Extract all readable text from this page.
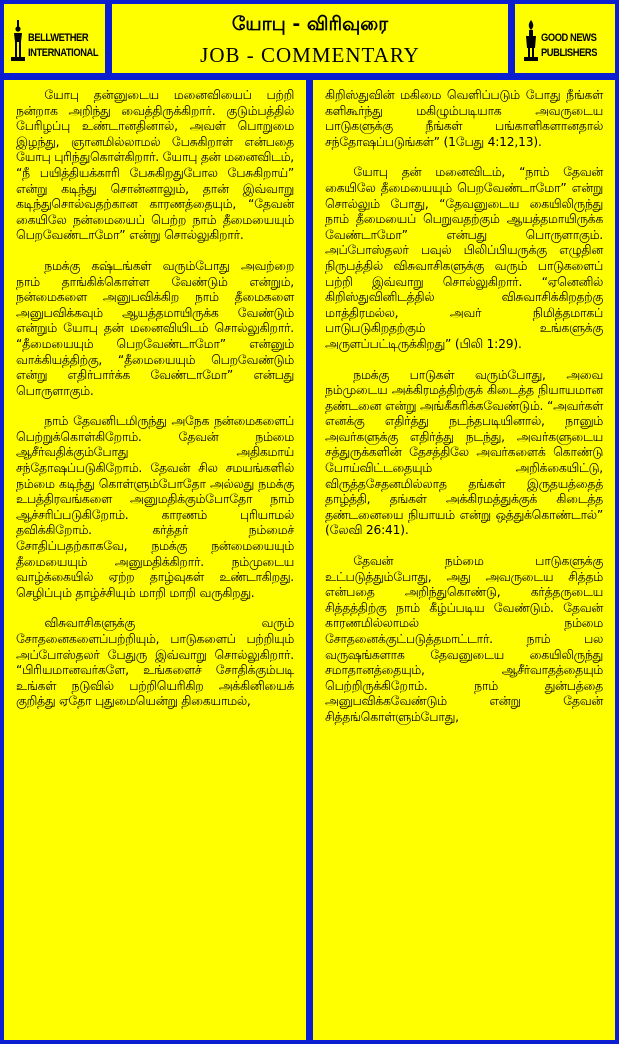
BELLWETHER
INTERNATIONAL
யோபு - விரிவுரை
JOB - COMMENTARY
GOOD NEWS
PUBLISHERS

யோபு தன்னுடைய மனைவியைப் பற்றி நன்றாக அறிந்து வைத்திருக்கிறார். குடும்பத்தில் பேரிழப்பு உண்டானதினால், அவள் பொறுமை இழந்து, ஞானமில்லாமல் பேசுகிறாள் என்பதை யோபு புரிந்துகொள்கிறார். யோபு தன் மனைவிடம், “நீ பயித்தியக்காரி பேசுகிறதுபோல பேசுகிறாய்” என்று கடிந்து சொன்னாலும், தான் இவ்வாறு கடிந்துசொல்வதற்கான காரணத்தையும், “தேவன் கையிலே நன்மையைப் பெற்ற நாம் தீமையையும் பெறவேண்டாமோ” என்று சொல்லுகிறார்.

நமக்கு கஷ்டங்கள் வரும்போது அவற்றை நாம் தாங்கிக்கொள்ள வேண்டும் என்றும், நன்மைகளை அனுபவிக்கிற நாம் தீமைகளை அனுபவிக்கவும் ஆயத்தமாயிருக்க வேண்டும் என்றும் யோபு தன் மனைவியிடம் சொல்லுகிறார். “தீமையையும் பெறவேண்டாமோ” என்னும் வாக்கியத்திற்கு, “தீமையையும் பெறவேண்டும் என்று எதிர்பார்க்க வேண்டாமோ” என்பது பொருளாகும்.

நாம் தேவனிடமிருந்து அநேக நன்மைகளைப் பெற்றுக்கொள்கிறோம். தேவன் நம்மை ஆசீர்வதிக்கும்போது அதிகமாய் சந்தோஷப்படுகிறோம். தேவன் சில சமயங்களில் நம்மை கடிந்து கொள்ளும்போதோ அல்லது நமக்கு உபத்திரவங்களை அனுமதிக்கும்போதோ நாம் ஆச்சரிப்படுகிறோம். காரணம் புரியாமல் தவிக்கிறோம். கர்த்தர் நம்மைச் சோதிப்பதற்காகவே, நமக்கு நன்மையையும் தீமையையும் அனுமதிக்கிறார். நம்முடைய வாழ்க்கையில் ஏற்ற தாழ்வுகள் உண்டாகிறது. செழிப்பும் தாழ்ச்சியும் மாறி மாறி வருகிறது.

விசுவாசிகளுக்கு வரும் சோதனைகளைப்பற்றியும், பாடுகளைப் பற்றியும் அப்போஸ்தலர் பேதுரு இவ்வாறு சொல்லுகிறார். “பிரியமானவர்களே, உங்களைச் சோதிக்கும்படி உங்கள் நடுவில் பற்றியெரிகிற அக்கினியைக் குறித்து ஏதோ புதுமையென்று திகையாமல்,

கிறிஸ்துவின் மகிமை வெளிப்படும் போது நீங்கள் களிகூர்ந்து மகிழும்படியாக அவருடைய பாடுகளுக்கு நீங்கள் பங்காளிகளானதால் சந்தோஷப்படுங்கள்” (1பேது 4:12,13).

யோபு தன் மனைவிடம், “நாம் தேவன் கையிலே தீமையையும் பெறவேண்டாமோ” என்று சொல்லும் போது, “தேவனுடைய கையிலிருந்து நாம் தீமையைப் பெறுவதற்கும் ஆயத்தமாயிருக்க வேண்டாமோ” என்பது பொருளாகும். அப்போஸ்தலர் பவுல் பிலிப்பியருக்கு எழுதின நிருபத்தில் விசுவாசிகளுக்கு வரும் பாடுகளைப் பற்றி இவ்வாறு சொல்லுகிறார். “ஏனெனில் கிறிஸ்துவினிடத்தில் விசுவாசிக்கிறதற்கு மாத்திரமல்ல, அவர் நிமித்தமாகப் பாடுபடுகிறதற்கும் உங்களுக்கு அருளப்பட்டிருக்கிறது” (பிலி 1:29).

நமக்கு பாடுகள் வரும்போது, அவை நம்முடைய அக்கிரமத்திற்குக் கிடைத்த நியாயமான தண்டனை என்று அங்கீகரிக்கவேண்டும். “அவர்கள் எனக்கு எதிர்த்து நடந்தபடியினால், நானும் அவர்களுக்கு எதிர்த்து நடந்து, அவர்களுடைய சத்துருக்களின் தேசத்திலே அவர்களைக் கொண்டு போய்விட்டதையும் அறிக்கையிட்டு, விருத்தசேதனமில்லாத தங்கள் இருதயத்தைத் தாழ்த்தி, தங்கள் அக்கிரமத்துக்குக் கிடைத்த தண்டனையை நியாயம் என்று ஒத்துக்கொண்டால்” (லேவி 26:41).

தேவன் நம்மை பாடுகளுக்கு உட்படுத்தும்போது, அது அவருடைய சித்தம் என்பதை அறிந்துகொண்டு, கர்த்தருடைய சித்தத்திற்கு நாம் கீழ்ப்படிய வேண்டும். தேவன் காரணமில்லாமல் நம்மை சோதனைக்குட்படுத்தமாட்டார். நாம் பல வருஷங்களாக தேவனுடைய கையிலிருந்து சமாதானத்தையும், ஆசீர்வாதத்தையும் பெற்றிருக்கிறோம். நாம் துன்பத்தை அனுபவிக்கவேண்டும் என்று தேவன் சித்தங்கொள்ளும்போது,
